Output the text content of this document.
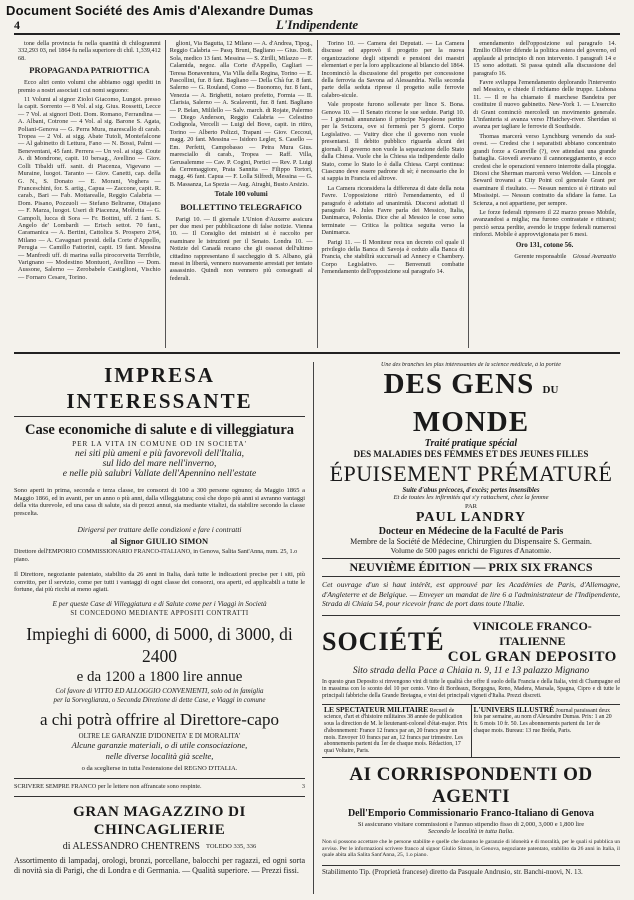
Document Société des Amis d'Alexandre Dumas
4	L'Indipendente

tone della provincia fu nella quantità di chilogrammi 332,293 03, nel 1864 fu nella superiore di chil. 1,339,412 68.

PROPAGANDA PATRIOTTICA

Ecco altri cento volumi che abbiamo oggi spediti in premio a nostri associati i cui nomi seguono:

11 Volumi al signor Zioloi Giacomo, Lungot. presso la capit. Sorrento — 8 Vol. al sig. Gius. Rossetti, Lecce — 7 Vol. ai signori Dott. Dom. Romano, Ferrandina — A. Albani, Cotrone — 4 Vol. al sig. Barone S. Agata, Poliani-Genova — G. Perra Mura, marescallo di carab. Tropea — 2 Vol. ai sigg. Abate Tutoli, Montefalcone — Al gabinetto di Lettura, Fano — N. Bossi, Palmi — Beneventani, 45 fant. Perrera — Un vol. ai sigg. Coute A. di Mondrone, capit. 10 bersag., Avellino — Giov. Colli Tibaldi uff. sanit. di Piacenza, Vigevano — Muraine, luogot. Taranto — Giov. Canetti, cap. della G. N., S. Donato — E. Morani, Voghera — Franceschini, for. S. artig., Capua — Zaccone, capit. R. carab., Bari — Fab. Mottarealle, Reggio Calabria — Dom. Pisano, Pozzuoli — Stefano Beltrame, Ottajano — F. Marza, luogot. Useri di Piacenza, Molfetta — G. Campoli, lucca di Sora — Fr. Bottini, uff. 2 fant. S. Angelo de' Lombardi — Erisch settot. 70 fant., Caramanica — A. Bertini, Cattolica S. Prospero 2/64, Milano — A. Cavagnari presid. della Corte d'Appello, Perugia — Camillo Fattorini, capit. 19 fant. Messina — Manfredi uff. di marina sulla pirocorvetta Terribile, Varignano — Modestino Montuori, Avellino — Dom. Aussone, Salerno — Zerobabele Castiglioni, Vischio — Fornaro Cesare, Torino.

glioni, Via Bagutta, 12 Milano — A. d'Andrea, Tipog., Reggio Calabria — Pasq. Bruni, Bagliano — Gius. Dott. Sola, medico 13 fant. Messina — S. Zirilli, Milazzo — F. Calamida, negoz. alla Corte d'Appello, Cagliari — Teresa Bonaventura, Via Villa della Regina, Torino — E. Pascollini, fur. 8 fant. Bagliano — Della Chà fur. 8 fant. Salerno — G. Rouland, Como — Buonomo, fur. 8 fant., Venezia — A. Brighetti, notaro prefetto, Formia — II. Clarisia, Salerno — A. Scalaventi, fur. 8 fant. Bagliano — P. Belan, Mililello — Salv. march. di Rojate, Palermo — Diego Anderson, Reggio Calabria — Celestino Codignola, Vercelli — Luigi del Bove, capit. in ritiro, Torino — Alberto Polizzi, Trapani — Giov. Ceccoui, magg. 20 fant. Messina — Isidoro Legler, S. Casello — Em. Perfetti, Campobasso — Petra Mura Gius. maresciallo di carab., Tropea — Raff. Villa, Gerusalemme — Cav. P. Cogini, Portici — Rev. P. Luigi da Cerremaggiore, Prata Sannita — Filippo Tortori, magg. 46 fant. Capua — F. Lolla Silfredi, Messina — G. B. Massanza, La Spezia — Aug. Airaghi, Busto Arsizio.

Totale 100 volumi
BOLLETTINO TELEGRAFICO

Parigi 10. — Il giornale L'Union d'Auxerre assicura per due mesi per pubblicazione di false notizie. Vienna 10. — Il Consiglio dei ministri si è raccolto per esaminare le istruzioni per il Senato. Londra 10. — Notizie del Canadà recano che gli ossessi dell'ultimo cittadino rappresentano il saccheggio di S. Albano, già messi in libertà, vennero nuovamente arrestati per tentato assassinio. Quindi non vennero più consegnati al federali.

Torino 10. — Camera dei Deputati. — La Camera discusse ed approvò il progetto per la nuova organizzazione degli stipendi e pensioni dei maestri elementari e per la loro applicazione al bilancio del 1864. Incominciò la discussione del progetto per concessione della ferrovia da Savona ad Alessandria. Nella seconda parte della seduta riprese il progetto sulle ferrovie calabro-sicule.

Vale proposte furono sollevate per lince S. Bona. Genova 10. — Il Senato ricorse le sue sedute. Parigi 10. — I giornali annunziano il principe Napoleone partito per la Svizzera, ove si fermerà per 5 giorni. Corpo Legislativo. — Vuitry dice che il governo non vuole presentarsi. Il debito pubblico riguarda alcuni dei giornali. Il governo non vuole la separazione dello Stato dalla Chiesa. Vuole che la Chiesa sia indipendente dallo Stato, come lo Stato lo è dalla Chiesa. Carpi continua: Ciascuno deve essere padrone di sè; è necessario che lo si sappia in Francia ed altrove.

La Camera riconsidera la differenza di date della nota Favre. L'opposizione ritirò l'emendamento, ed il paragrafo è adottato ad unanimità. Discorsi adottati il paragrafo 14. Jules Favre parla dei Messico, Italia, Danimarca, Polonia. Dice che al Messico le cose sono terminate — Critica la politica seguita verso la Danimarca.

Parigi 11. — Il Moniteur reca un decreto col quale il privilegio della Banca di Savoja è ceduto alla Banca di Francia, che stabilirà succursali ad Annecy e Chambery. Corpo Legislativo. — Benvenuti combatte l'emendamento dell'opposizione sul paragrafo 14.

emendamento dell'opposizione sul paragrafo 14. Emilio Ollivier difende la politica estera del governo, ed applaude al principio di non intervento. I paragrafi 14 e 15 sono adottati. Si passa quindi alla discussione del paragrafo 16.

Favre sviluppa l'emendamento deplorando l'intervento nel Messico, e chiede il richiamo delle truppe. Lisbona 11. — Il re ha chiamato il marchese Bandeira per costituire il nuovo gabinetto. New-York 1. — L'esercito di Grant cominciò mercoledì un movimento generale. L'infanteria si avanza verso l'Hatchey-river. Sheridan si avanza per tagliare le ferrovie di Southside.

Thomas marcerà verso Lynchburg venendo da sud-ovest. — Credesi che i separatisti abbiano concentrato grandi forze a Granville (?), ove attendasi una grande battaglia. Giovedì avevano il cannoneggiamento, e ecco credesi che le operazioni vennero interrotte dalla pioggia. Dicesi che Sherman marcerà verso Weldon. — Lincoln e Seward trovansi a City Point col generale Grant per esaminare il risultato. — Nessun nemico si è ritirato sul Mississipi. — Nessun contratto da sfidare la fame. La Scienza, a noi appartiene, per sempre.

Le forze federali ripresero il 22 marzo presso Mobile, avanzandosi a miglia; ma furono contrastate e ritirarsi; perciò senza perdite, avendo le truppe federali numerosi rinforzi. Mobile è approvvigionata per 6 mesi.

Oro 131, cotone 56.
Gerente responsabile Giosué Avanzatio
IMPRESA INTERESSANTE
Case economiche di salute e di villeggiatura
PER LA VITA IN COMUNE OD IN SOCIETA'
nei siti più ameni e più favorevoli dell'Italia,
sul lido del mare nell'inverno,
e nelle più salubri Vallate dell'Apennino nell'estate
Sono aperti in prima, seconda e terza classe, tre consorzi di 100 a 300 persone ognuno; da Maggio 1865 a Maggio 1866, ed in avanti, per un anno o più anni, dalla villeggiatura; così che dopo più anni si avranno vantaggi della vita durevole, ed una casa di salute, sia di prezzi annui, sia mediante vitalizi, da stabilire secondo la classe prescelta.
Dirigersi per trattare delle condizioni e fare i contratti
al Signor GIULIO SIMON
Direttore dell'EMPORIO COMMISSIONARIO FRANCO-ITALIANO, in Genova, Salita Sant'Anna, num. 25, 1.o piano.
Il Direttore, negoziante patentato, stabilito da 26 anni in Italia, darà tutte le indicazioni precise per i siti, più convitto, per il servizio, come per tutti i vantaggi di ogni classe dei consorzi, ora aperti, ed applicabili a tutte le fortune, dai più ricchi ai meno agiati.
E per queste Case di Villeggiatura e di Salute come per i Viaggi in Società
SI CONCEDONO MEDIANTE APPOSITI CONTRATTI
Impieghi di 6000, di 5000, di 3000, di 2400
e da 1200 a 1800 lire annue
Col favore di VITTO ED ALLOGGIO CONVENIENTI, solo od in famiglia
per la Sorveglianza, o Seconda Direzione di dette Case, e Viaggi in comune
a chi potrà offrire al Direttore-capo
OLTRE LE GARANZIE D'IDONEITA' E DI MORALITA'
Alcune garanzie materiali, o di utile consociazione,
nelle diverse località già scelte,
o da sceglierse in tutta l'estensione del REGNO D'ITALIA.
SCRIVERE SEMPRE FRANCO per le lettere non affrancate sono respinte.	3
GRAN MAGAZZINO DI CHINCAGLIERIE
di ALESSANDRO CHENTRENS TOLEDO 335, 336
Assortimento di lampadaj, orologi, bronzi, porcellane, balocchi per ragazzi, ed ogni sorta di novità sia di Parigi, che di Londra e di Germania. — Qualità superiore. — Prezzi fissi.
Une des branches les plus intéressantes de la science médicale, à la portée
DES GENS DU MONDE
Traité pratique spécial
DES MALADIES DES FEMMES ET DES JEUNES FILLES
ÉPUISEMENT PRÉMATURÉ
Suite d'abus précoces, d'excès; pertes insensibles
Et de toutes les infirmités qui s'y rattachent, chez la femme
PAR
PAUL LANDRY
Docteur en Médecine de la Faculté de Paris
Membre de la Société de Médecine, Chirurgien du Dispensaire S. Germain.
Volume de 500 pages enrichi de Figures d'Anatomie.
NEUVIÈME ÉDITION — PRIX SIX FRANCS
Cet ouvrage d'un si haut intérêt, est approuvé par les Académies de Paris, d'Allemagne, d'Angleterre et de Belgique. — Enveyer un mandat de lire 6 a l'administrateur de l'Indipendente, Strada di Chiaia 54, pour ricevoir franc de port dans toute l'Italie.
SOCIÉTÉ
VINICOLE FRANCO-ITALIENNE
COL GRAN DEPOSITO
Sito strada della Pace a Chiaia n. 9, 11 e 13 palazzo Mignano
In questo gran Deposito si rinvengono vini di tutte le qualità che offre il suolo della Francia e della Italia, vini di Champagne ed in massima con lo sconto del 10 per cento. Vino di Bordeaux, Borgogna, Reno, Madera, Marsala, Spagna, Cipro e di tutte le principali fabbriche della Grande Bretagna, e vini dei principali vigneti d'Italia. Prezzi discreti.
LE SPECTATEUR MILITAIRE Recueil de science, d'art et d'histoire militaires 38 année de publication sous la direction de M. le lieutenant-colonel d'état-major. Prix d'abonnement: France 12 francs par an, 20 francs pour un mois. Envoyer 10 francs par an, 12 francs par trimestre. Les abonnements partent du 1er de chaque mois. Rédaction, 17 quai Voltaire, Paris.
L'UNIVERS ILLUSTRÉ Journal paraissant deux fois par semaine, au nom d'Alexandre Dumas. Prix: 1 an 20 fr. 6 mois 10 fr. 50. Les abonnements partent du 1er de chaque mois. Bureau: 13 rue Bréda, Paris.
AI CORRISPONDENTI OD AGENTI
Dell'Emporio Commissionario Franco-Italiano di Genova
Si assicurano visitare commissioni e l'annuo stipendio fisso di 2,000, 3,000 e 1,800 lire
Secondo le località in tutta Italia.
Non si possono accettare che le persone stabilite e quelle che daranno le garanzie di idoneità e di moralità, per le quali si pubblica un avviso. Per le informazioni scrivere franco al signor Giulio Simon, in Genova, negoziante patentato, stabilito da 26 anni in Italia, il quale abita alla Salita Sant'Anna, 25, 1.o piano.
Stabilimento Tip. (Proprietà francese) diretto da Pasquale Andrusio, str. Banchi-nuovi, N. 13.
